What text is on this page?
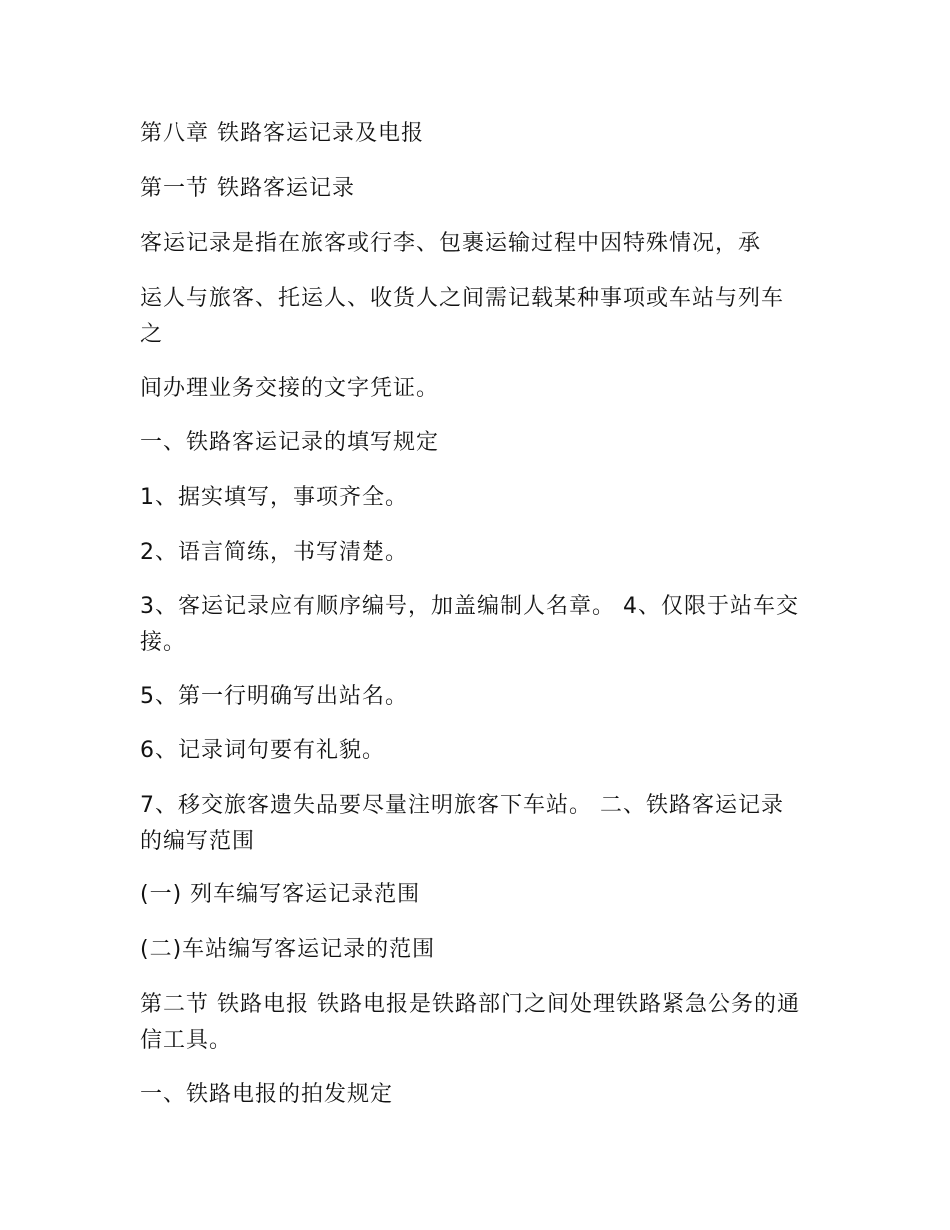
第八章 铁路客运记录及电报

第一节 铁路客运记录

客运记录是指在旅客或行李、包裹运输过程中因特殊情况，承

运人与旅客、托运人、收货人之间需记载某种事项或车站与列车之

间办理业务交接的文字凭证。

一、铁路客运记录的填写规定

1、据实填写，事项齐全。

2、语言简练，书写清楚。

3、客运记录应有顺序编号，加盖编制人名章。 4、仅限于站车交接。

5、第一行明确写出站名。

6、记录词句要有礼貌。

7、移交旅客遗失品要尽量注明旅客下车站。 二、铁路客运记录的编写范围

(一) 列车编写客运记录范围

(二)车站编写客运记录的范围

第二节 铁路电报 铁路电报是铁路部门之间处理铁路紧急公务的通信工具。

一、铁路电报的拍发规定
